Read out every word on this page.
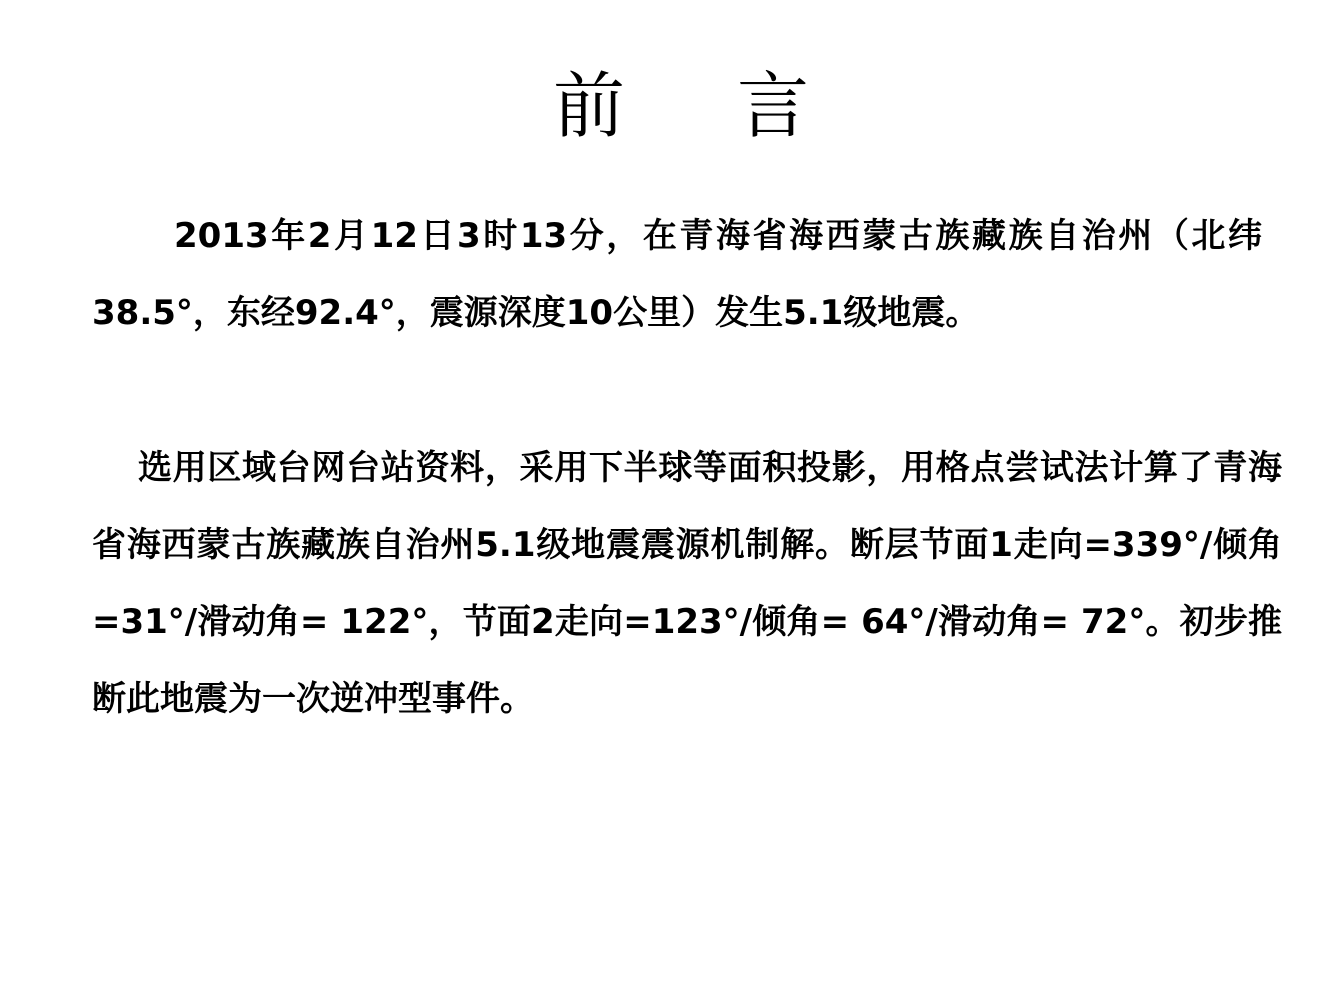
前 言

2013年2月12日3时13分，在青海省海西蒙古族藏族自治州（北纬38.5°，东经92.4°，震源深度10公里）发生5.1级地震。

选用区域台网台站资料，采用下半球等面积投影，用格点尝试法计算了青海省海西蒙古族藏族自治州5.1级地震震源机制解。断层节面1走向=339°/倾角=31°/滑动角= 122°，节面2走向=123°/倾角= 64°/滑动角= 72°。初步推断此地震为一次逆冲型事件。
